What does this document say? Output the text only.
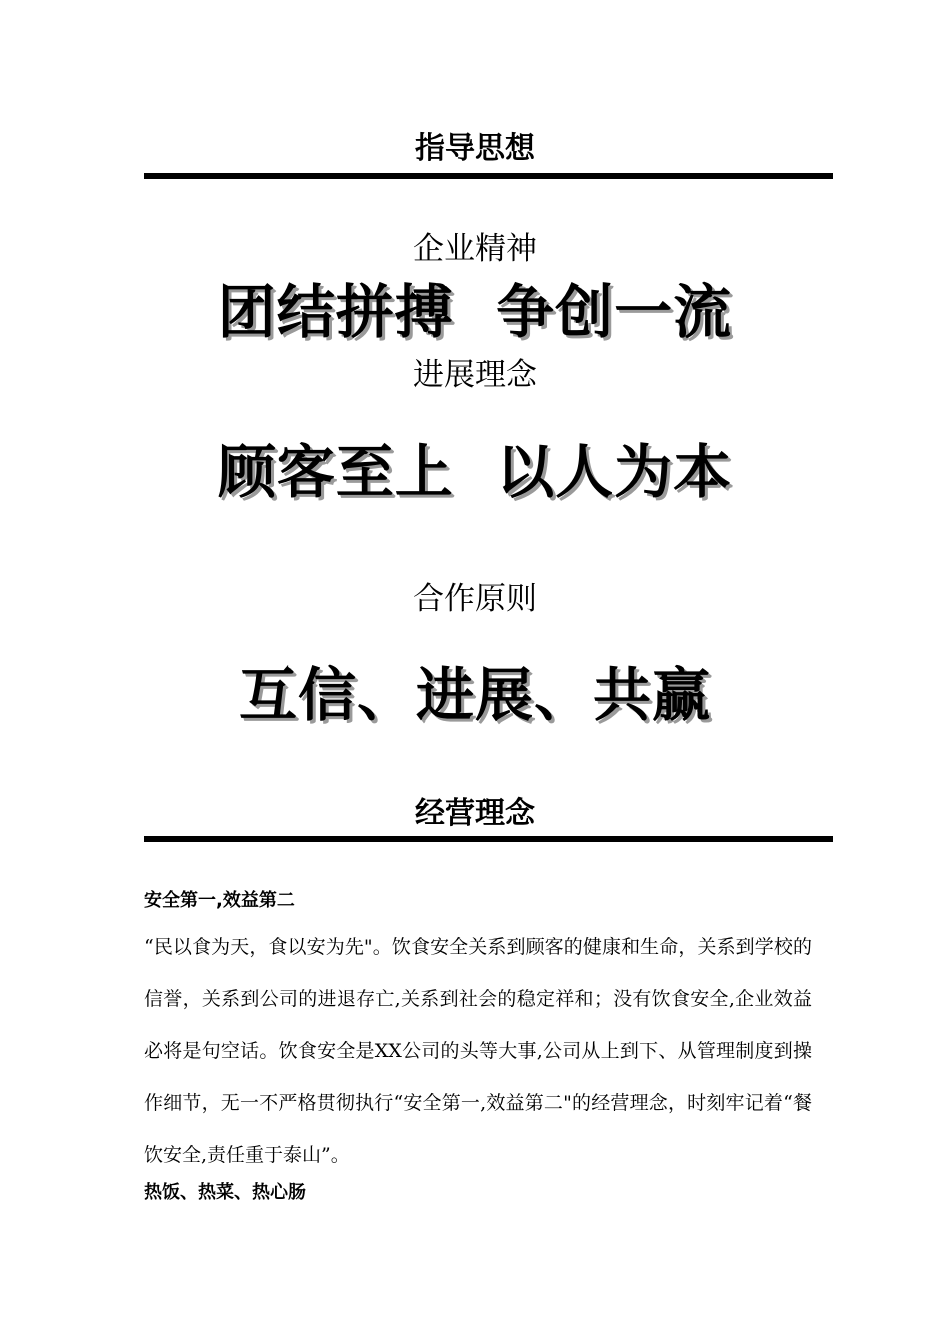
指导思想
企业精神
团结拼搏  争创一流
进展理念
顾客至上  以人为本
合作原则
互信、进展、共赢
经营理念
安全第一,效益第二
“民以食为天，食以安为先"。饮食安全关系到顾客的健康和生命，关系到学校的信誉，关系到公司的进退存亡,关系到社会的稳定祥和；没有饮食安全,企业效益必将是句空话。饮食安全是XX公司的头等大事,公司从上到下、从管理制度到操作细节，无一不严格贯彻执行“安全第一,效益第二"的经营理念，时刻牢记着“餐饮安全,责任重于泰山”。
热饭、热菜、热心肠
